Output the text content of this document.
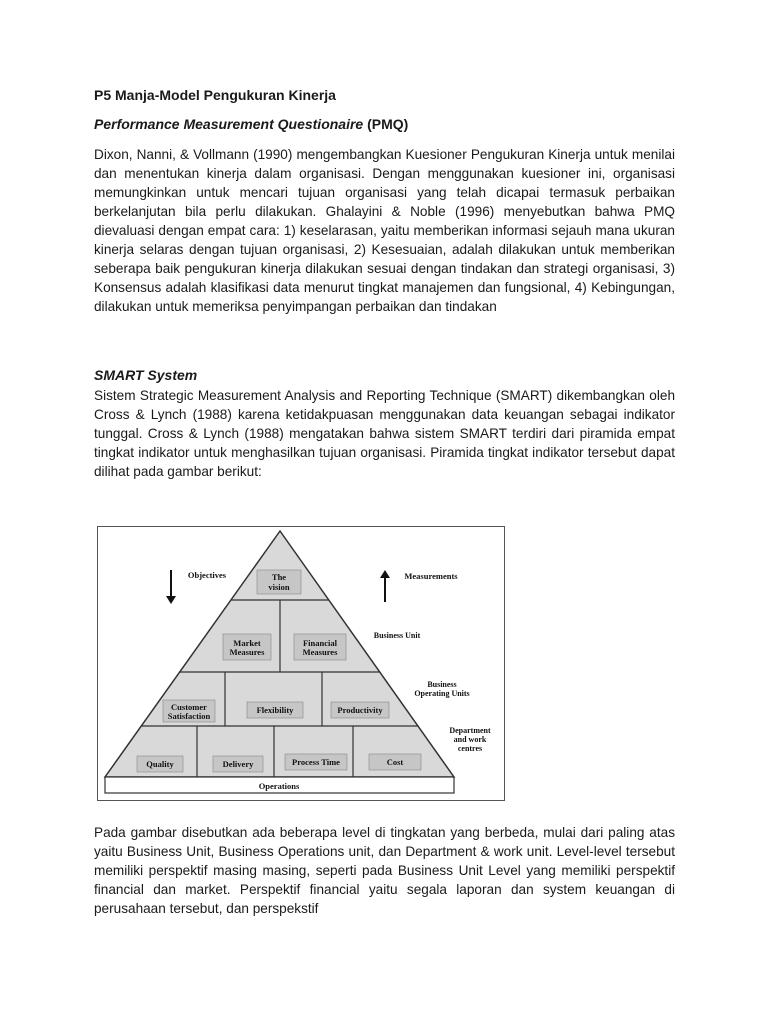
P5 Manja-Model Pengukuran Kinerja
Performance Measurement Questionaire (PMQ)
Dixon, Nanni, & Vollmann (1990) mengembangkan Kuesioner Pengukuran Kinerja untuk menilai dan menentukan kinerja dalam organisasi. Dengan menggunakan kuesioner ini, organisasi memungkinkan untuk mencari tujuan organisasi yang telah dicapai termasuk perbaikan berkelanjutan bila perlu dilakukan. Ghalayini & Noble (1996) menyebutkan bahwa PMQ dievaluasi dengan empat cara: 1) keselarasan, yaitu memberikan informasi sejauh mana ukuran kinerja selaras dengan tujuan organisasi, 2) Kesesuaian, adalah dilakukan untuk memberikan seberapa baik pengukuran kinerja dilakukan sesuai dengan tindakan dan strategi organisasi, 3) Konsensus adalah klasifikasi data menurut tingkat manajemen dan fungsional, 4) Kebingungan, dilakukan untuk memeriksa penyimpangan perbaikan dan tindakan
SMART System
Sistem Strategic Measurement Analysis and Reporting Technique (SMART) dikembangkan oleh Cross & Lynch (1988) karena ketidakpuasan menggunakan data keuangan sebagai indikator tunggal. Cross & Lynch (1988) mengatakan bahwa sistem SMART terdiri dari piramida empat tingkat indikator untuk menghasilkan tujuan organisasi. Piramida tingkat indikator tersebut dapat dilihat pada gambar berikut:
Objectives	Measurements
The
vision
Market
Measures
Financial
Measures
Customer
Satisfaction
Flexibility	Productivity
Quality	Delivery	Process Time	Cost
Operations
Business Unit
Business
Operating Units
Department
and work
centres
Pada gambar disebutkan ada beberapa level di tingkatan yang berbeda, mulai dari paling atas yaitu Business Unit, Business Operations unit, dan Department & work unit. Level-level tersebut memiliki perspektif masing masing, seperti pada Business Unit Level yang memiliki perspektif financial dan market. Perspektif financial yaitu segala laporan dan system keuangan di perusahaan tersebut, dan perspekstif
